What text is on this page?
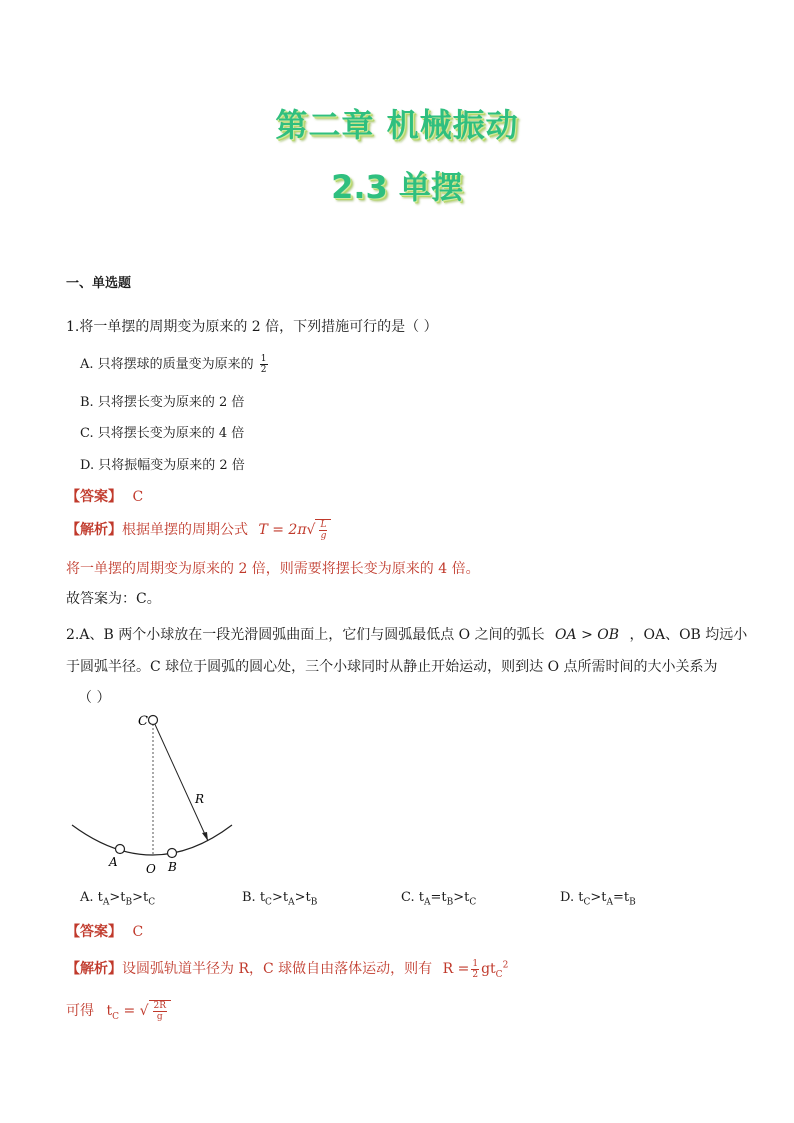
第二章 机械振动
2.3 单摆
一、单选题
1.将一单摆的周期变为原来的 2 倍，下列措施可行的是（ ）
A. 只将摆球的质量变为原来的 $\frac{1}{2}$
B. 只将摆长变为原来的 2 倍
C. 只将摆长变为原来的 4 倍
D. 只将振幅变为原来的 2 倍
【答案】 C
【解析】根据单摆的周期公式 $T = 2\pi√ \frac{L}{g}$
将一单摆的周期变为原来的 2 倍，则需要将摆长变为原来的 4 倍。
故答案为：C。
2.A、B 两个小球放在一段光滑圆弧曲面上，它们与圆弧最低点 O 之间的弧长 OA > OB ，OA、OB 均远小
于圆弧半径。C 球位于圆弧的圆心处，三个小球同时从静止开始运动，则到达 O 点所需时间的大小关系为
（ ）
C
R
A O B
A. $t_A>t_B>t_C$	B. $t_C>t_A>t_B$	C. $t_A=t_B>t_C$	D. $t_C>t_A=t_B$
【答案】 C
【解析】设圆弧轨道半径为 R，C 球做自由落体运动，则有 $R = \frac{1}{2} gt_C^2$
可得 $t_C$ = √ $\frac{2R}{g}$
